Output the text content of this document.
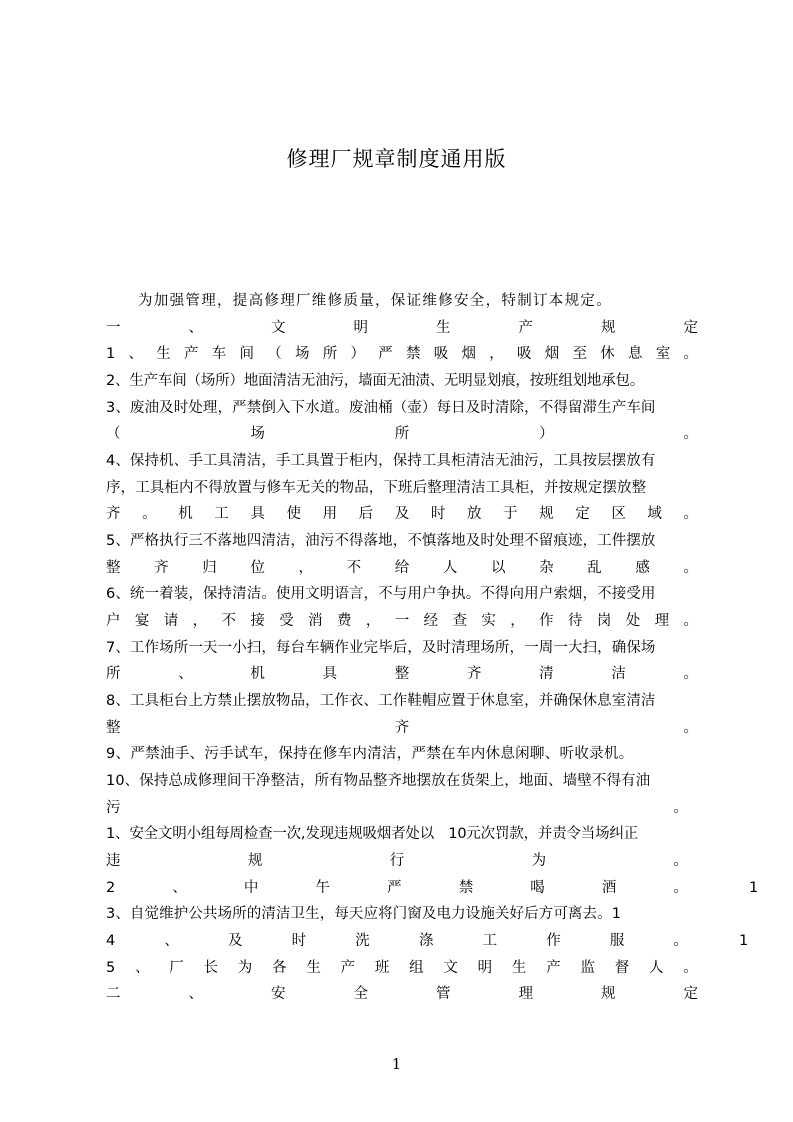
修理厂规章制度通用版
为加强管理，提高修理厂维修质量，保证维修安全，特制订本规定。
一	、	文	明	生	产	规	定
1 、 生 产 车 间 （ 场 所 ） 严 禁 吸 烟 ， 吸 烟 至 休 息 室 。
2、生产车间（场所）地面清洁无油污，墙面无油渍、无明显划痕，按班组划地承包。
3、废油及时处理，严禁倒入下水道。废油桶（壶）每日及时清除，不得留滞生产车间
（	场	所	）	。
4、保持机、手工具清洁，手工具置于柜内，保持工具柜清洁无油污，工具按层摆放有
序，工具柜内不得放置与修车无关的物品，下班后整理清洁工具柜，并按规定摆放整
齐 。 机 工 具 使 用 后 及 时 放 于 规 定 区 域 。
5、严格执行三不落地四清洁，油污不得落地，不慎落地及时处理不留痕迹，工件摆放
整 齐 归 位 ， 不 给 人 以 杂 乱 感 。
6、统一着装，保持清洁。使用文明语言，不与用户争执。不得向用户索烟，不接受用
户 宴 请 ， 不 接 受 消 费 ， 一 经 查 实 ， 作 待 岗 处 理 。
7、工作场所一天一小扫，每台车辆作业完毕后，及时清理场所，一周一大扫，确保场
所	、	机	具	整	齐	清	洁	。
8、工具柜台上方禁止摆放物品，工作衣、工作鞋帽应置于休息室，并确保休息室清洁
整	齐	。
9、严禁油手、污手试车，保持在修车内清洁，严禁在车内休息闲聊、听收录机。
10、保持总成修理间干净整洁，所有物品整齐地摆放在货架上，地面、墙壁不得有油
污	。
1、安全文明小组每周检查一次,发现违规吸烟者处以　10元次罚款，并责令当场纠正
违	规	行	为	。
2	、	中	午	严	禁	喝	酒	。	1
3、自觉维护公共场所的清洁卫生，每天应将门窗及电力设施关好后方可离去。1
4	、	及	时	洗	涤	工	作	服	。	1
5 、 厂 长 为 各 生 产 班 组 文 明 生 产 监 督 人 。
二	、	安	全	管	理	规	定
1
